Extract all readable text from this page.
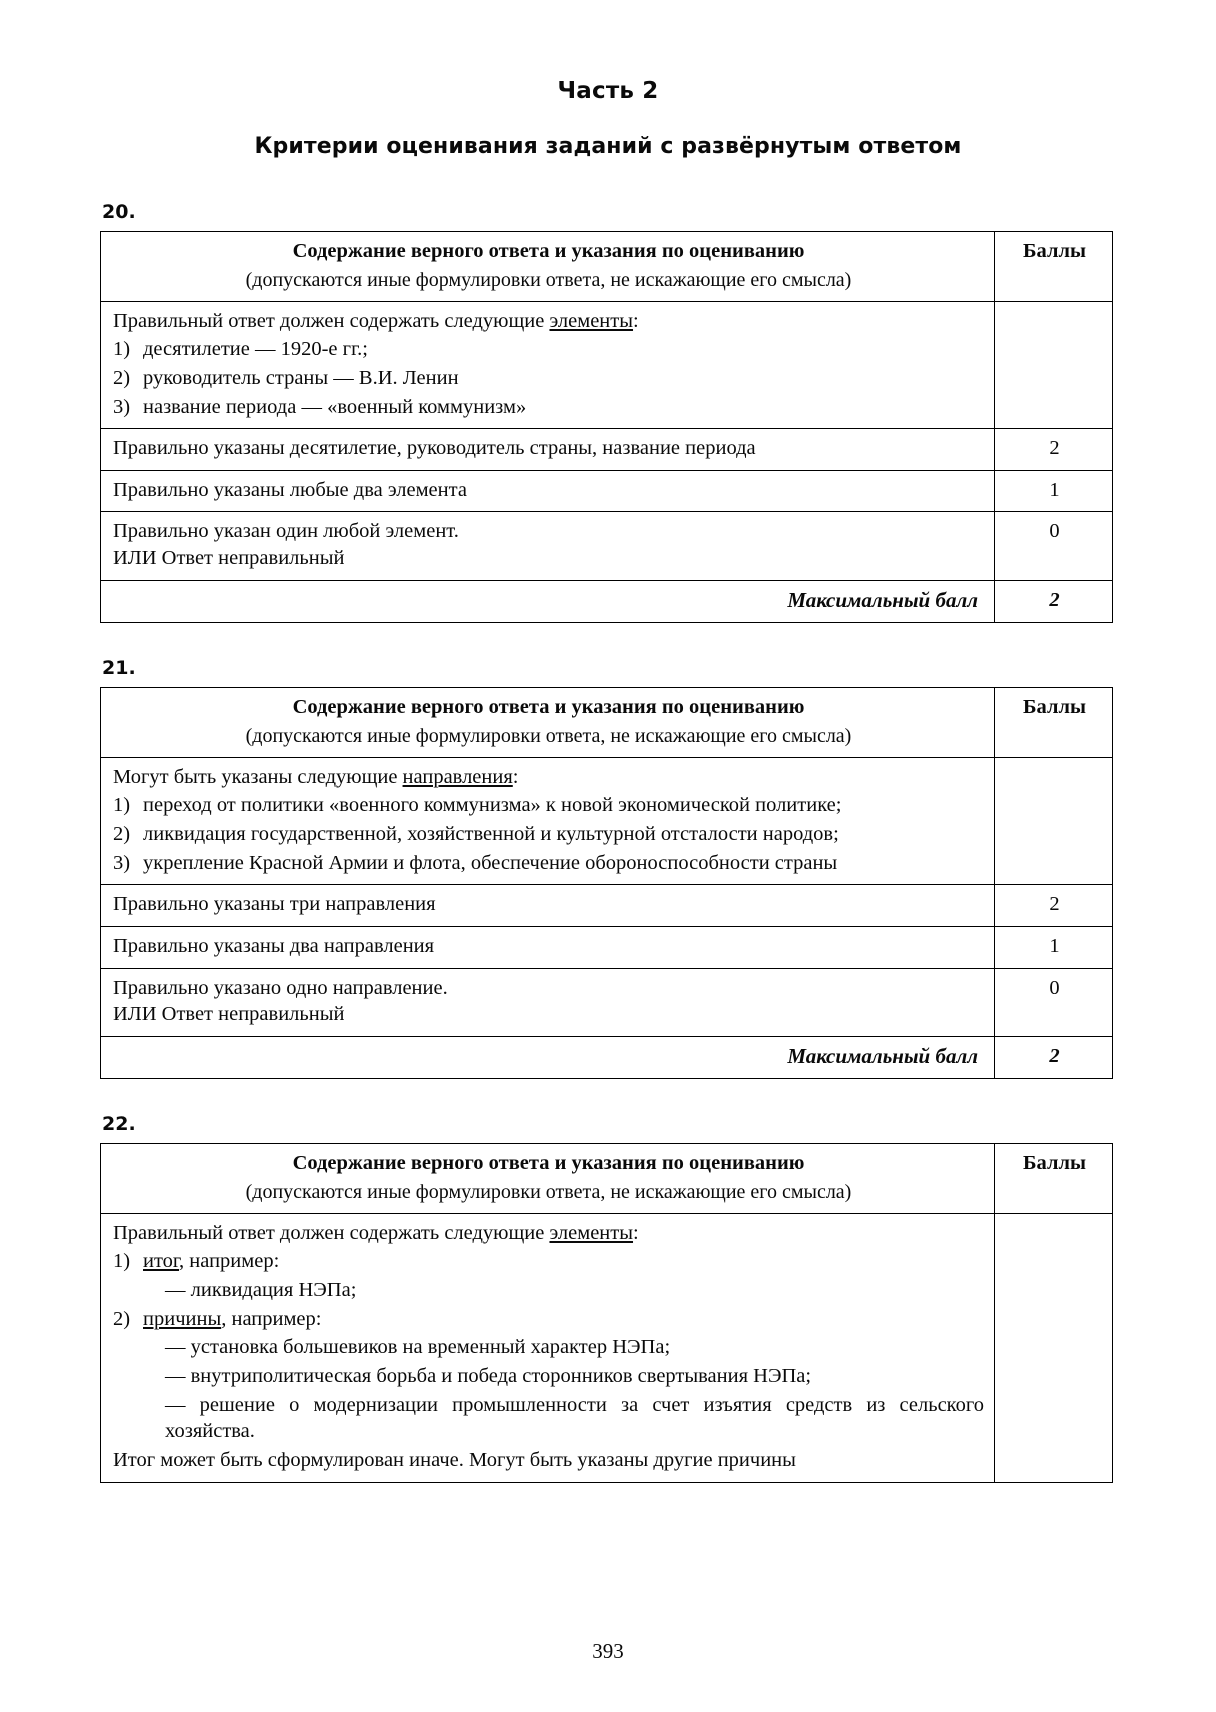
Часть 2
Критерии оценивания заданий с развёрнутым ответом
20.
Содержание верного ответа и указания по оцениванию
(допускаются иные формулировки ответа, не искажающие его смысла)	Баллы

Правильный ответ должен содержать следующие элементы:
1) десятилетие — 1920-е гг.;
2) руководитель страны — В.И. Ленин
3) название периода — «военный коммунизм»

Правильно указаны десятилетие, руководитель страны, название периода	2
Правильно указаны любые два элемента	1

Правильно указан один любой элемент.
ИЛИ Ответ неправильный	0
Максимальный балл	2
21.
Содержание верного ответа и указания по оцениванию
(допускаются иные формулировки ответа, не искажающие его смысла)	Баллы

Могут быть указаны следующие направления:
1) переход от политики «военного коммунизма» к новой экономической политике;
2) ликвидация государственной, хозяйственной и культурной отсталости народов;
3) укрепление Красной Армии и флота, обеспечение обороноспособности страны

Правильно указаны три направления	2
Правильно указаны два направления	1

Правильно указано одно направление.
ИЛИ Ответ неправильный	0
Максимальный балл	2
22.
Содержание верного ответа и указания по оцениванию
(допускаются иные формулировки ответа, не искажающие его смысла)	Баллы

Правильный ответ должен содержать следующие элементы:
1) итог, например:
— ликвидация НЭПа;
2) причины, например:
— установка большевиков на временный характер НЭПа;
— внутриполитическая борьба и победа сторонников свертывания НЭПа;
— решение о модернизации промышленности за счет изъятия средств из сельского хозяйства.
Итог может быть сформулирован иначе. Могут быть указаны другие причины

393
